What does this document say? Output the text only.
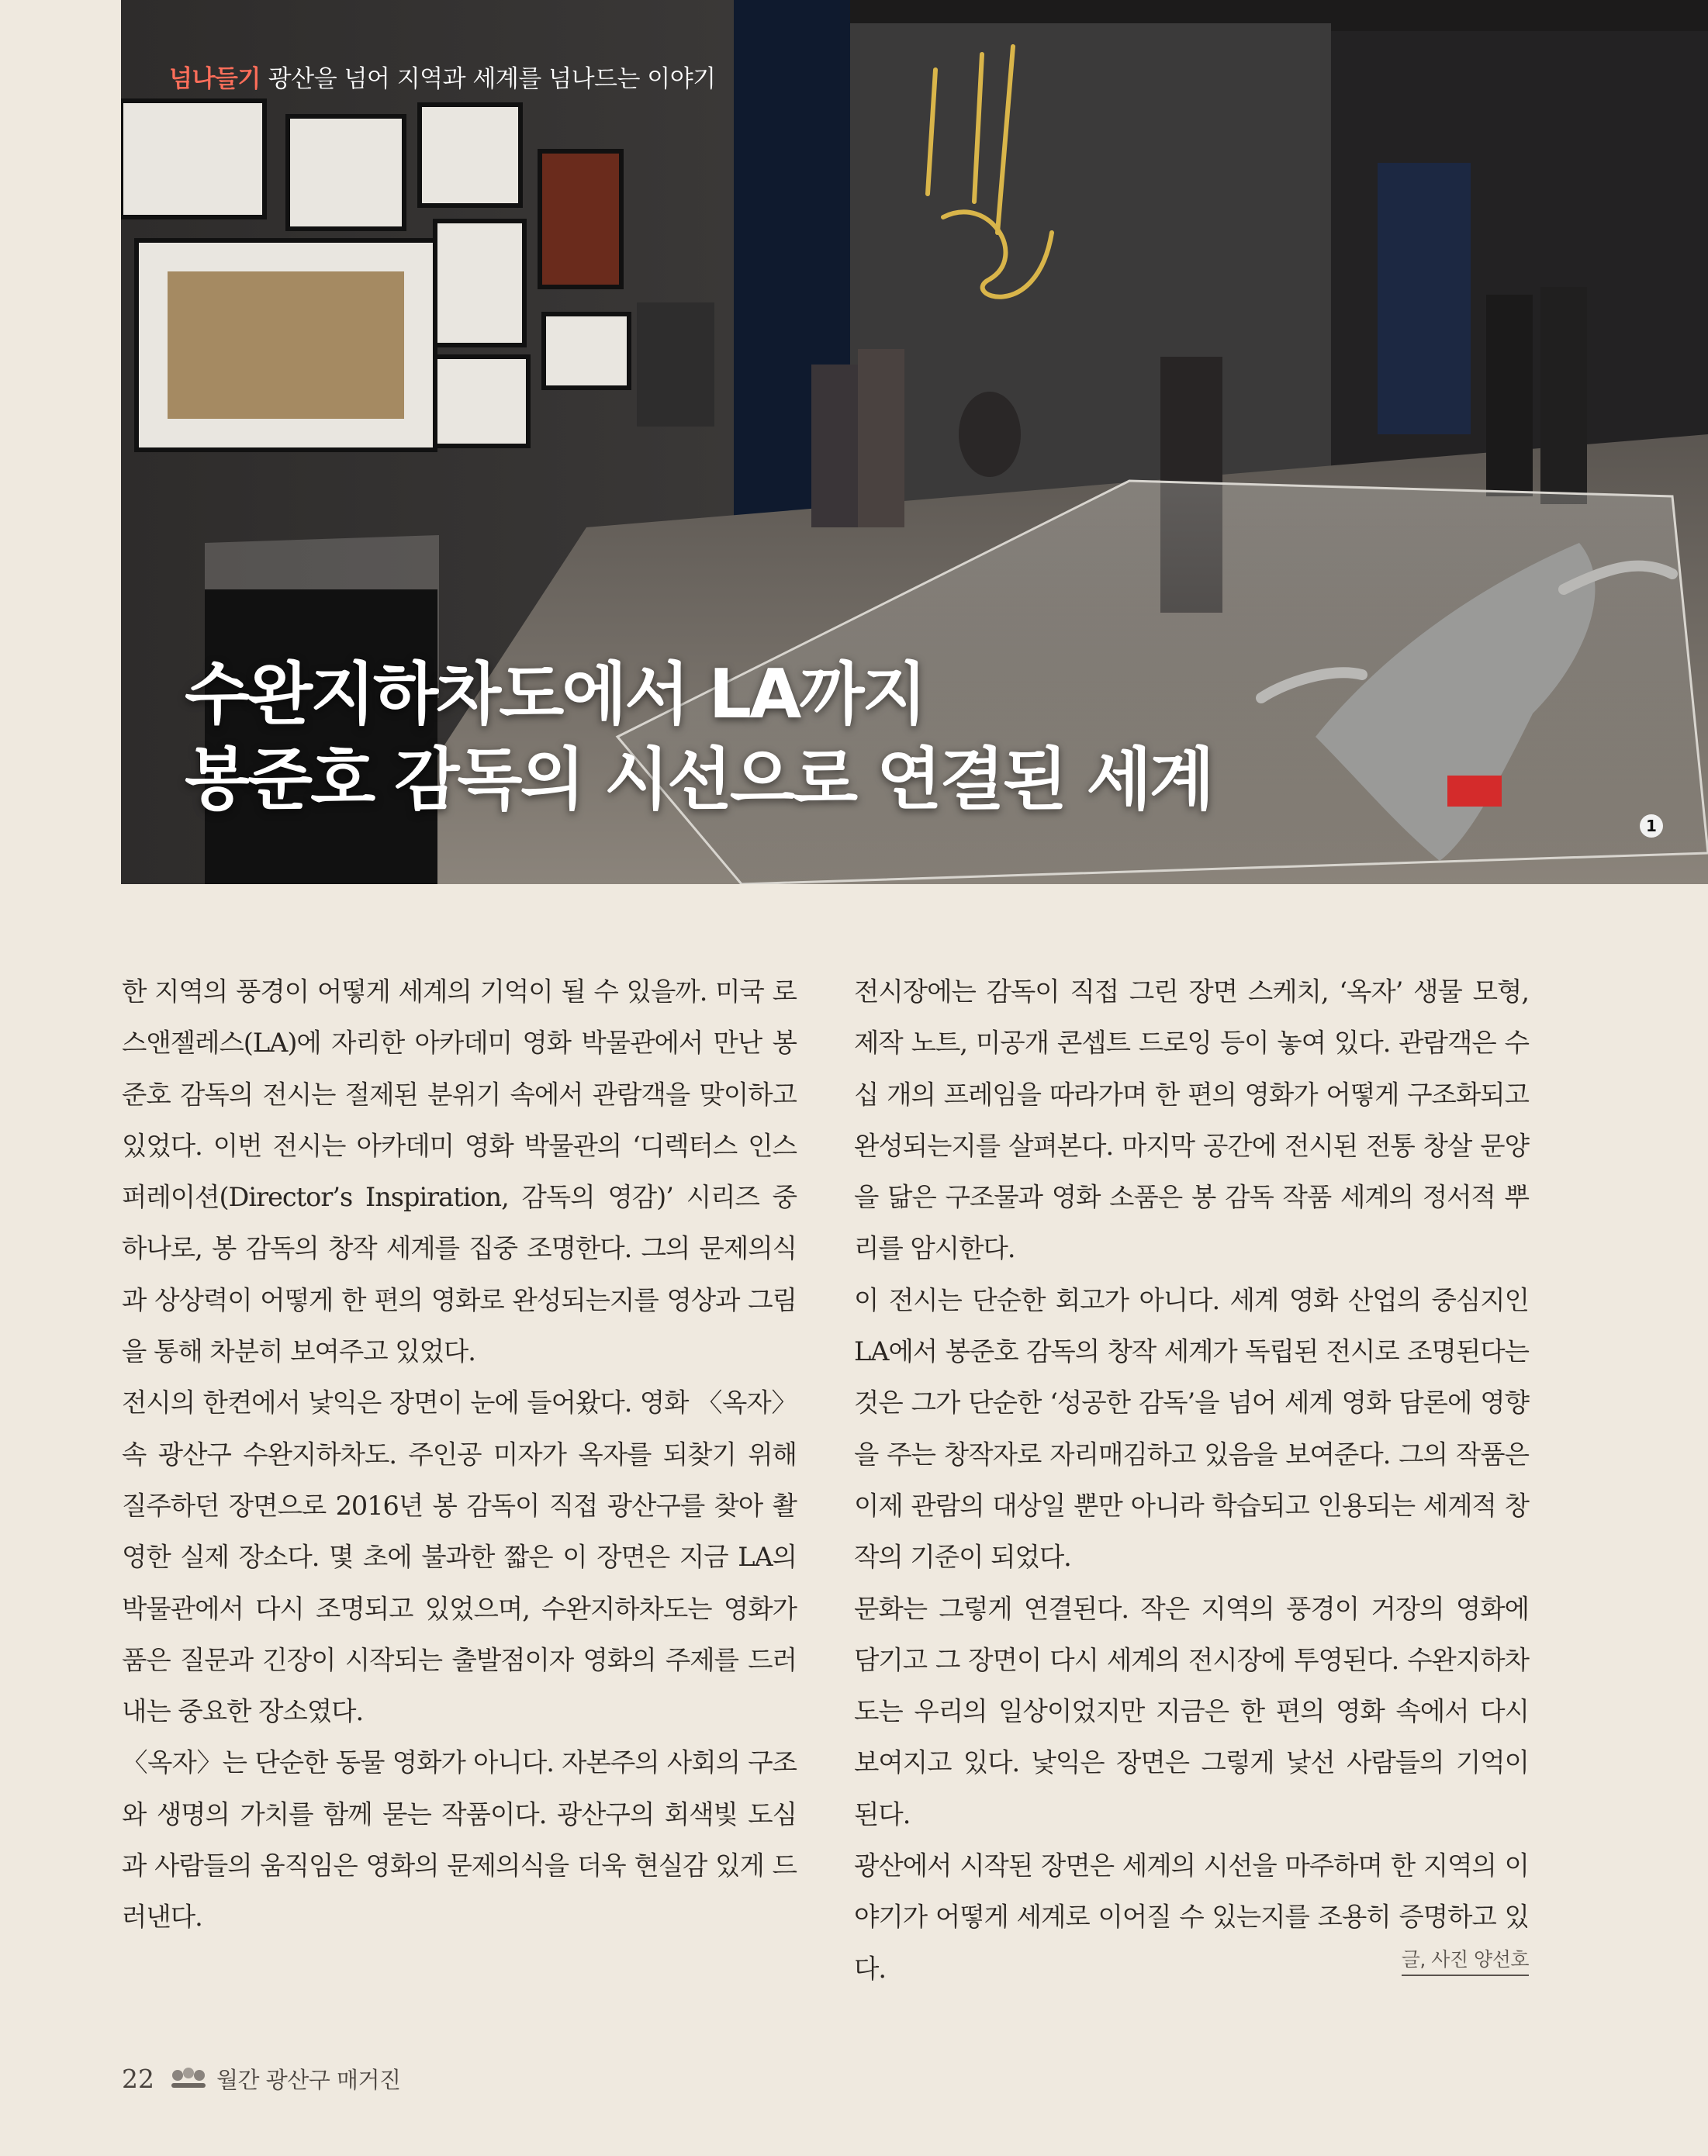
넘나들기 광산을 넘어 지역과 세계를 넘나드는 이야기
수완지하차도에서 LA까지
봉준호 감독의 시선으로 연결된 세계
1

한 지역의 풍경이 어떻게 세계의 기억이 될 수 있을까. 미국 로스앤젤레스(LA)에 자리한 아카데미 영화 박물관에서 만난 봉준호 감독의 전시는 절제된 분위기 속에서 관람객을 맞이하고 있었다. 이번 전시는 아카데미 영화 박물관의 ‘디렉터스 인스퍼레이션(Director’s Inspiration, 감독의 영감)’ 시리즈 중 하나로, 봉 감독의 창작 세계를 집중 조명한다. 그의 문제의식과 상상력이 어떻게 한 편의 영화로 완성되는지를 영상과 그림을 통해 차분히 보여주고 있었다.

전시의 한켠에서 낯익은 장면이 눈에 들어왔다. 영화 〈옥자〉 속 광산구 수완지하차도. 주인공 미자가 옥자를 되찾기 위해 질주하던 장면으로 2016년 봉 감독이 직접 광산구를 찾아 촬영한 실제 장소다. 몇 초에 불과한 짧은 이 장면은 지금 LA의 박물관에서 다시 조명되고 있었으며, 수완지하차도는 영화가 품은 질문과 긴장이 시작되는 출발점이자 영화의 주제를 드러내는 중요한 장소였다.

〈옥자〉는 단순한 동물 영화가 아니다. 자본주의 사회의 구조와 생명의 가치를 함께 묻는 작품이다. 광산구의 회색빛 도심과 사람들의 움직임은 영화의 문제의식을 더욱 현실감 있게 드러낸다.

전시장에는 감독이 직접 그린 장면 스케치, ‘옥자’ 생물 모형, 제작 노트, 미공개 콘셉트 드로잉 등이 놓여 있다. 관람객은 수십 개의 프레임을 따라가며 한 편의 영화가 어떻게 구조화되고 완성되는지를 살펴본다. 마지막 공간에 전시된 전통 창살 문양을 닮은 구조물과 영화 소품은 봉 감독 작품 세계의 정서적 뿌리를 암시한다.

이 전시는 단순한 회고가 아니다. 세계 영화 산업의 중심지인 LA에서 봉준호 감독의 창작 세계가 독립된 전시로 조명된다는 것은 그가 단순한 ‘성공한 감독’을 넘어 세계 영화 담론에 영향을 주는 창작자로 자리매김하고 있음을 보여준다. 그의 작품은 이제 관람의 대상일 뿐만 아니라 학습되고 인용되는 세계적 창작의 기준이 되었다.

문화는 그렇게 연결된다. 작은 지역의 풍경이 거장의 영화에 담기고 그 장면이 다시 세계의 전시장에 투영된다. 수완지하차도는 우리의 일상이었지만 지금은 한 편의 영화 속에서 다시 보여지고 있다. 낯익은 장면은 그렇게 낯선 사람들의 기억이 된다.

광산에서 시작된 장면은 세계의 시선을 마주하며 한 지역의 이야기가 어떻게 세계로 이어질 수 있는지를 조용히 증명하고 있다.	글, 사진 양선호
22	월간 광산구 매거진
